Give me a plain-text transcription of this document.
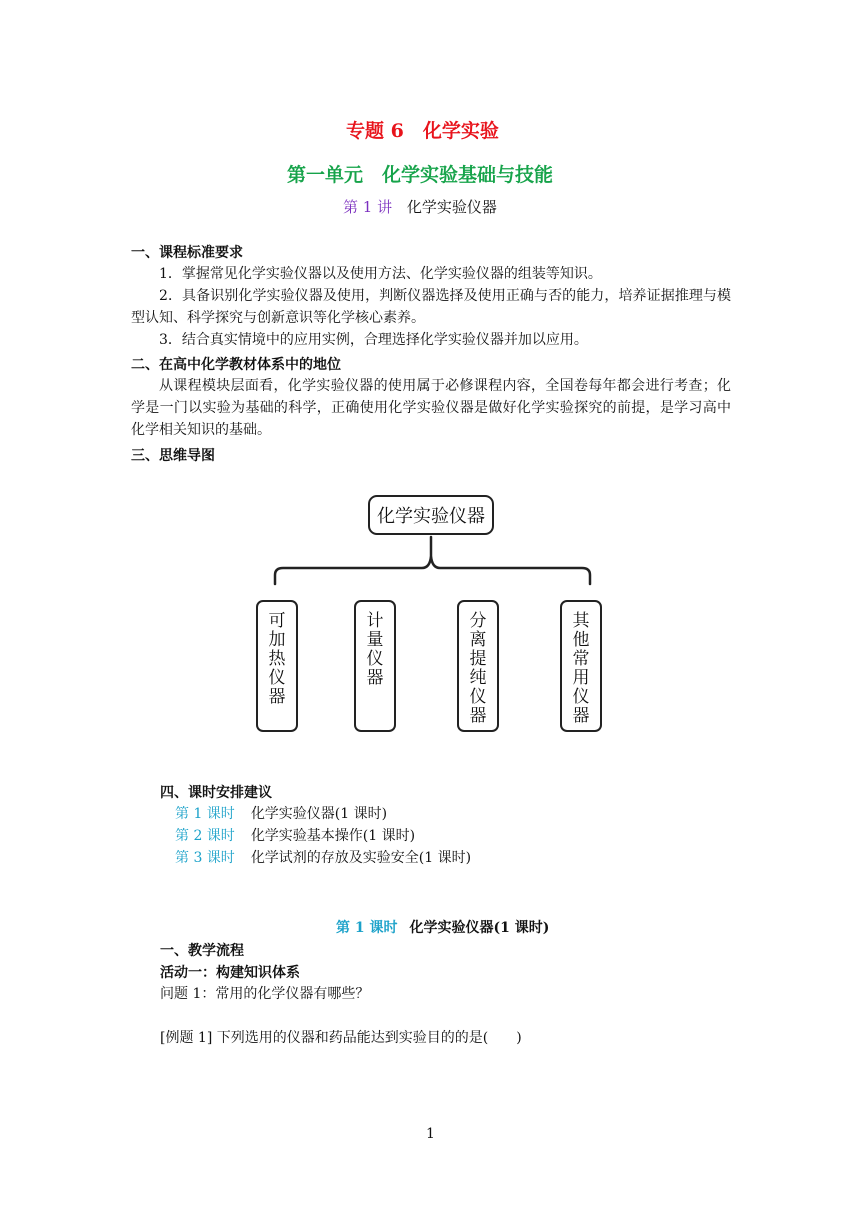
专题 6　化学实验
第一单元　化学实验基础与技能
第 1 讲 化学实验仪器
一、课程标准要求
1．掌握常见化学实验仪器以及使用方法、化学实验仪器的组装等知识。
2．具备识别化学实验仪器及使用，判断仪器选择及使用正确与否的能力，培养证据推理与模型认知、科学探究与创新意识等化学核心素养。
3．结合真实情境中的应用实例，合理选择化学实验仪器并加以应用。
二、在高中化学教材体系中的地位
从课程模块层面看，化学实验仪器的使用属于必修课程内容，全国卷每年都会进行考查；化学是一门以实验为基础的科学，正确使用化学实验仪器是做好化学实验探究的前提，是学习高中化学相关知识的基础。
三、思维导图
化学实验仪器
可加热仪器
计量仪器
分离提纯仪器
其他常用仪器
四、课时安排建议
第 1 课时 化学实验仪器(1 课时)
第 2 课时 化学实验基本操作(1 课时)
第 3 课时 化学试剂的存放及实验安全(1 课时)
第 1 课时 化学实验仪器(1 课时)
一、教学流程
活动一：构建知识体系
问题 1：常用的化学仪器有哪些？
[例题 1] 下列选用的仪器和药品能达到实验目的的是(　　)
1
